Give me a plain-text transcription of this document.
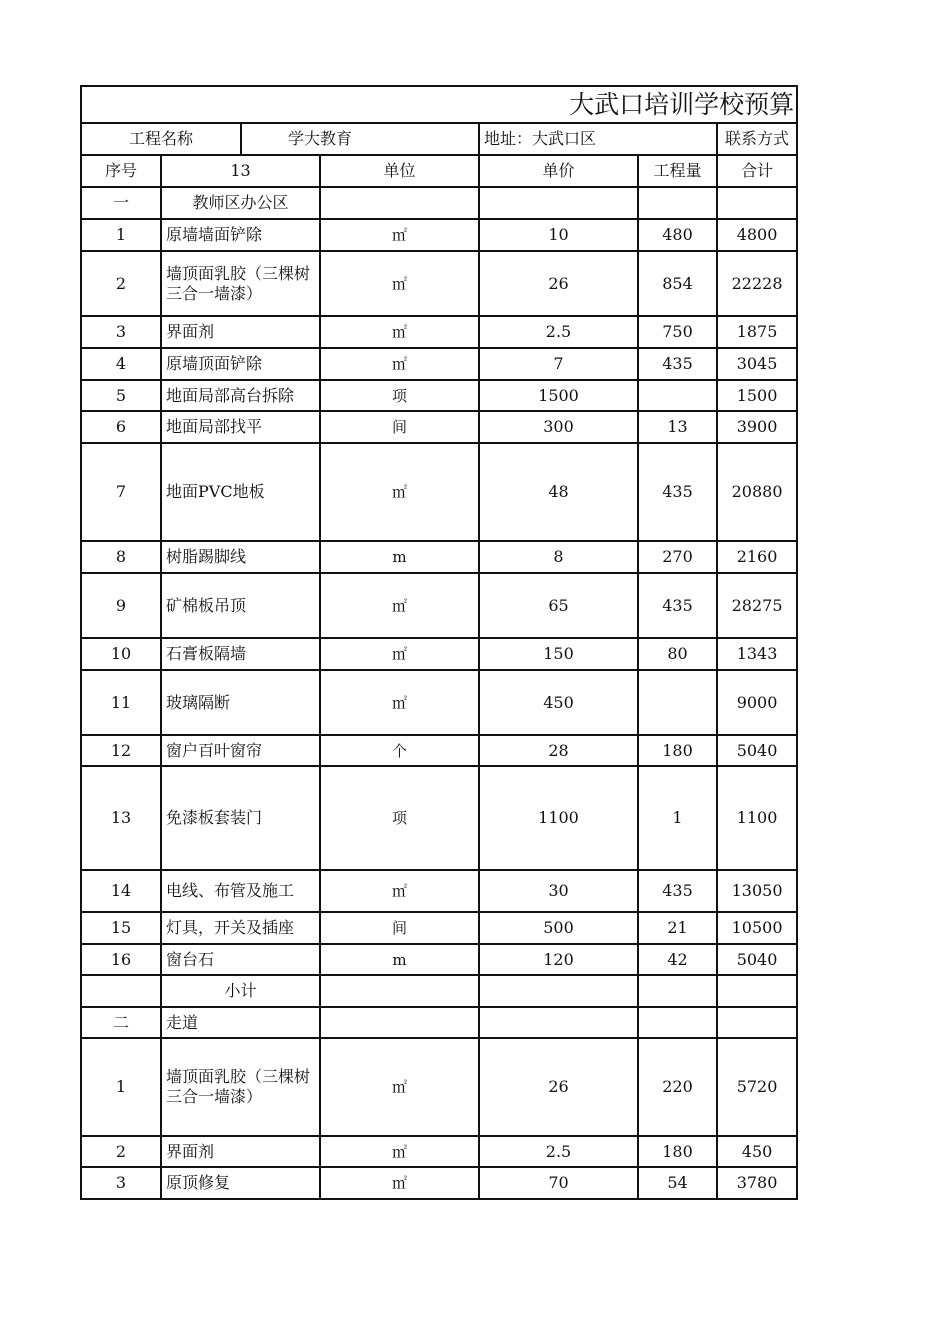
大武口培训学校预算						
工程名称		学大教育		地址：大武口区		联系方式
序号	13		单位	单价	工程量	合计
一	教师区办公区					
1	原墙墙面铲除		㎡	10	480	4800
2	墙顶面乳胶（三棵树三合一墙漆）		㎡	26	854	22228
3	界面剂		㎡	2.5	750	1875
4	原墙顶面铲除		㎡	7	435	3045
5	地面局部高台拆除		项	1500		1500
6	地面局部找平		间	300	13	3900
7	地面PVC地板		㎡	48	435	20880
8	树脂踢脚线		m	8	270	2160
9	矿棉板吊顶		㎡	65	435	28275
10	石膏板隔墙		㎡	150	80	1343
11	玻璃隔断		㎡	450		9000
12	窗户百叶窗帘		个	28	180	5040
13	免漆板套装门		项	1100	1	1100
14	电线、布管及施工		㎡	30	435	13050
15	灯具，开关及插座		间	500	21	10500
16	窗台石		m	120	42	5040
	小计					
二	走道					
1	墙顶面乳胶（三棵树三合一墙漆）		㎡	26	220	5720
2	界面剂		㎡	2.5	180	450
3	原顶修复		㎡	70	54	3780
